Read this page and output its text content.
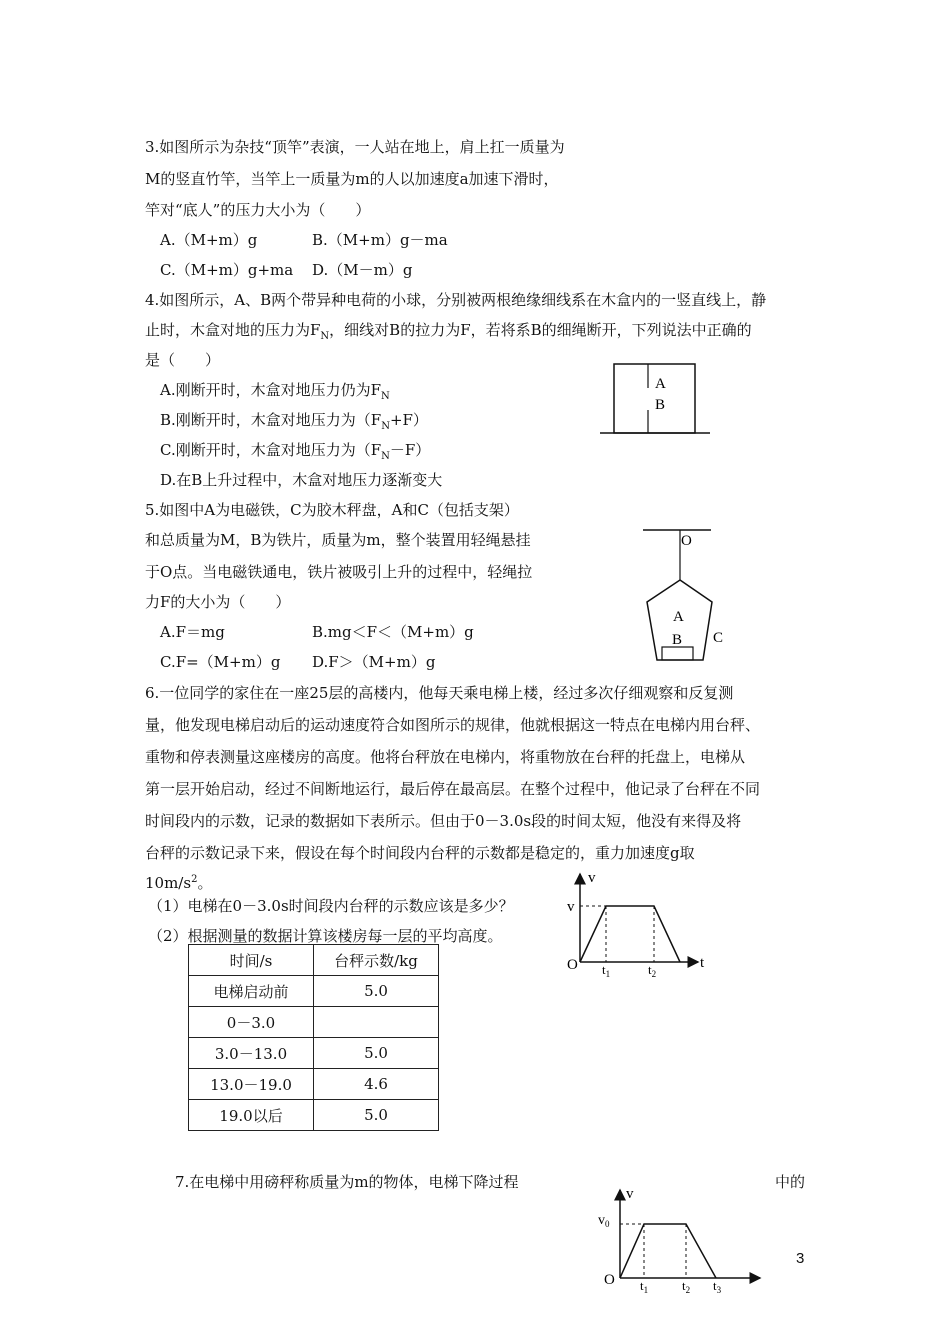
3.如图所示为杂技“顶竿”表演，一人站在地上，肩上扛一质量为
M的竖直竹竿，当竿上一质量为m的人以加速度a加速下滑时，
竿对“底人”的压力大小为（　　）
A.（M+m）g	B.（M+m）g－ma
C.（M+m）g+ma D.（M－m）g
4.如图所示，A、B两个带异种电荷的小球，分别被两根绝缘细线系在木盒内的一竖直线上，静
止时，木盒对地的压力为$F_N$，细线对B的拉力为F，若将系B的细绳断开，下列说法中正确的
是（　　）
A.刚断开时，木盒对地压力仍为$F_N$
B.刚断开时，木盒对地压力为$(F_N+F)$
C.刚断开时，木盒对地压力为$(F_N-F)$
D.在B上升过程中，木盒对地压力逐渐变大
A
B
5.如图中A为电磁铁，C为胶木秤盘，A和C（包括支架）
和总质量为M，B为铁片，质量为m，整个装置用轻绳悬挂
于O点。当电磁铁通电，铁片被吸引上升的过程中，轻绳拉
力F的大小为（　　）
A.F＝mg	B.mg＜F＜（M+m）g
C.F=（M+m）g D.F＞（M+m）g
O
A
B C
6.一位同学的家住在一座25层的高楼内，他每天乘电梯上楼，经过多次仔细观察和反复测
量，他发现电梯启动后的运动速度符合如图所示的规律，他就根据这一特点在电梯内用台秤、
重物和停表测量这座楼房的高度。他将台秤放在电梯内，将重物放在台秤的托盘上，电梯从
第一层开始启动，经过不间断地运行，最后停在最高层。在整个过程中，他记录了台秤在不同
时间段内的示数，记录的数据如下表所示。但由于0－3.0s段的时间太短，他没有来得及将
台秤的示数记录下来，假设在每个时间段内台秤的示数都是稳定的，重力加速度g取
$10m/s^2$。
（1）电梯在0－3.0s时间段内台秤的示数应该是多少？
（2）根据测量的数据计算该楼房每一层的平均高度。
时间/s	台秤示数/kg
电梯启动前	5.0
0－3.0	
3.0－13.0	5.0
13.0－19.0	4.6
19.0以后	5.0
v
v
O $t_1$	$t_2$
t
7.在电梯中用磅秤称质量为m的物体，电梯下降过程	中的
v
$v_0$
O $t_1$	$t_2$ $t_3$
3
